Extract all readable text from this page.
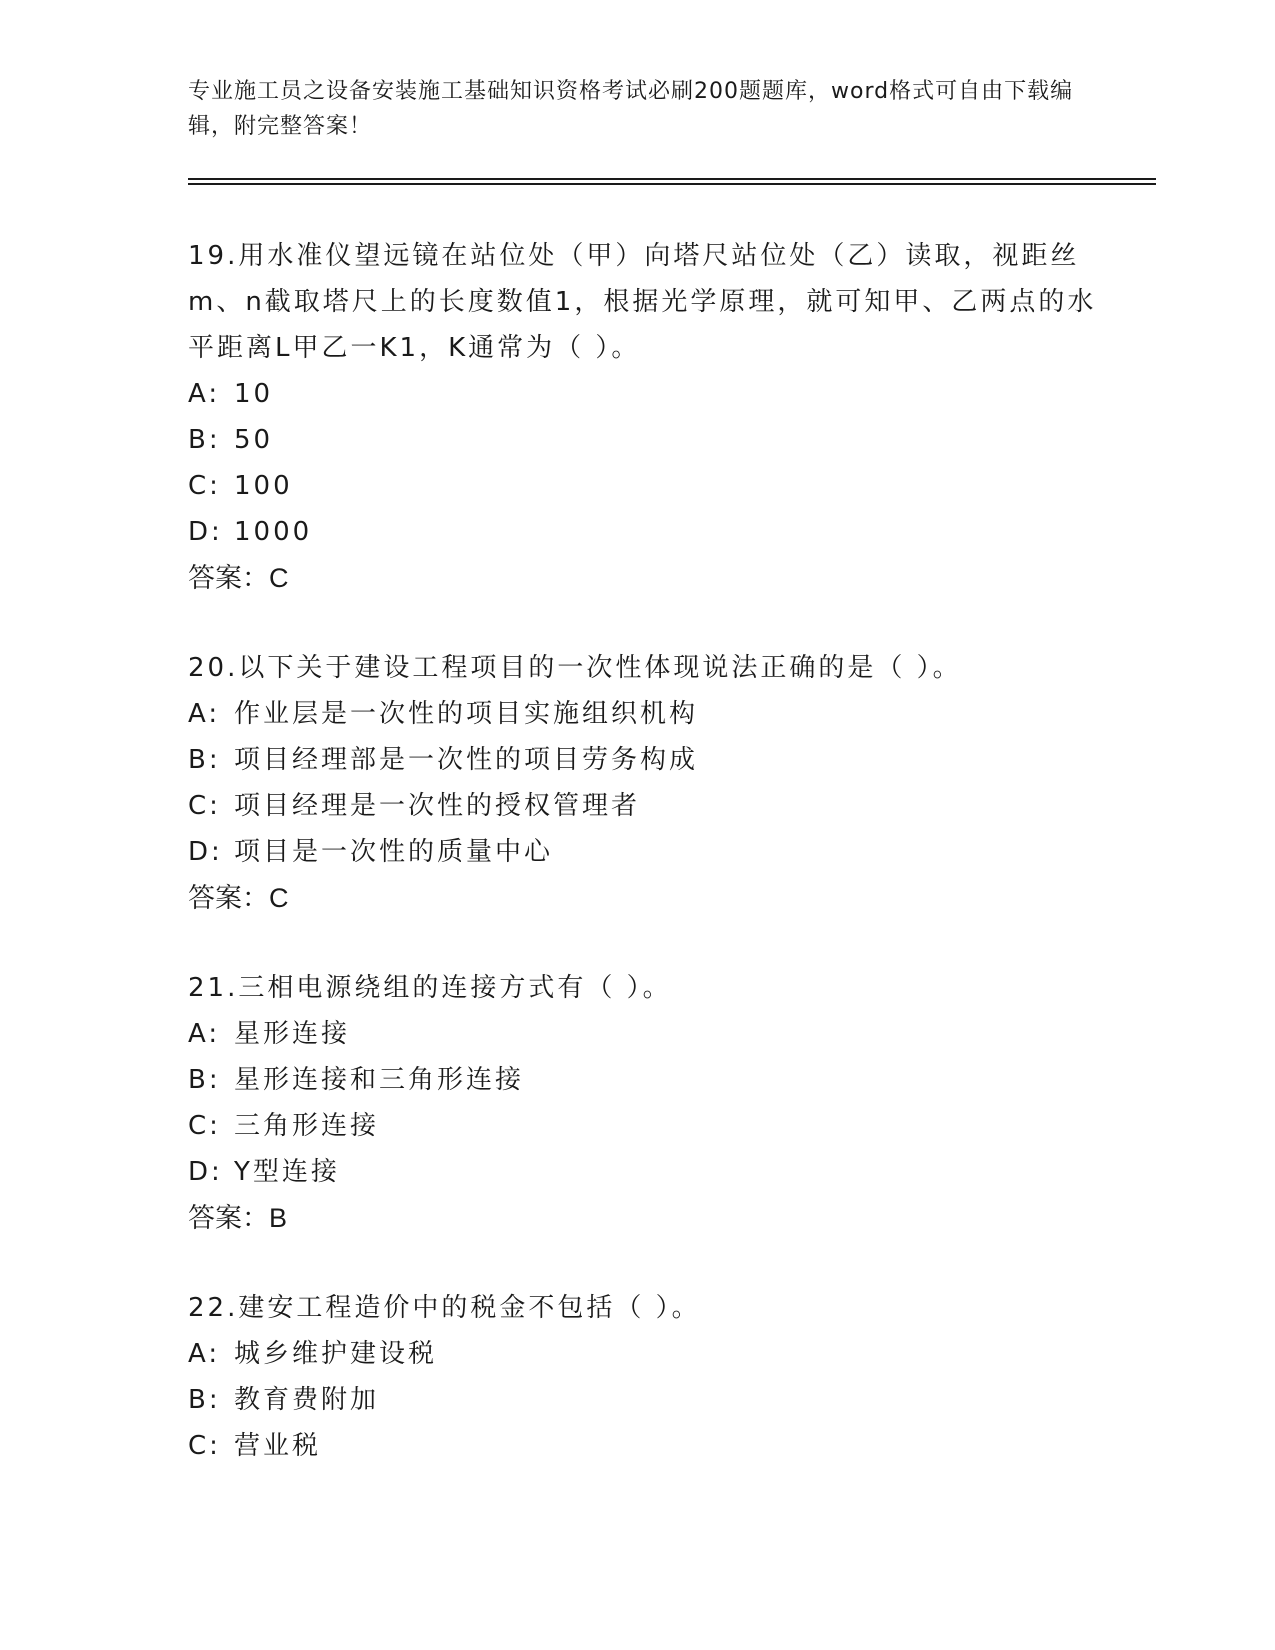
专业施工员之设备安装施工基础知识资格考试必刷200题题库，word格式可自由下载编辑，附完整答案！
19.用水准仪望远镜在站位处（甲）向塔尺站位处（乙）读取，视距丝m、n截取塔尺上的长度数值1，根据光学原理，就可知甲、乙两点的水平距离L甲乙一K1，K通常为（ ）。
A: 10
B: 50
C: 100
D: 1000
答案：C
20.以下关于建设工程项目的一次性体现说法正确的是（ ）。
A: 作业层是一次性的项目实施组织机构
B: 项目经理部是一次性的项目劳务构成
C: 项目经理是一次性的授权管理者
D: 项目是一次性的质量中心
答案：C
21.三相电源绕组的连接方式有（ ）。
A: 星形连接
B: 星形连接和三角形连接
C: 三角形连接
D: Y型连接
答案：B
22.建安工程造价中的税金不包括（ ）。
A: 城乡维护建设税
B: 教育费附加
C: 营业税
